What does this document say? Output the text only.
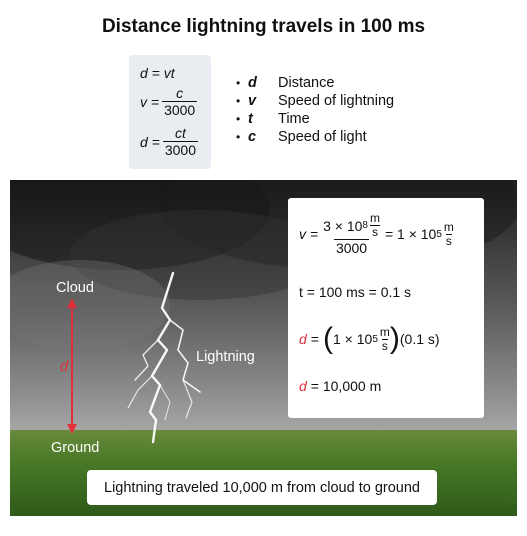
Distance lightning travels in 100 ms
d = vt
$v = \frac{c}{3000}$
$d = \frac{ct}{3000}$
• d	Distance
• v	Speed of lightning
• t	Time
• c	Speed of light
Cloud
Ground
Lightning
d
v = 3 × 10 8
m
s
3000 = 1 × 10 5
m
s
t = 100 ms = 0.1 s
d = ( 1 × 10 5
m
s ) (0.1 s)
d = 10,000 m
Lightning traveled 10,000 m from cloud to ground
